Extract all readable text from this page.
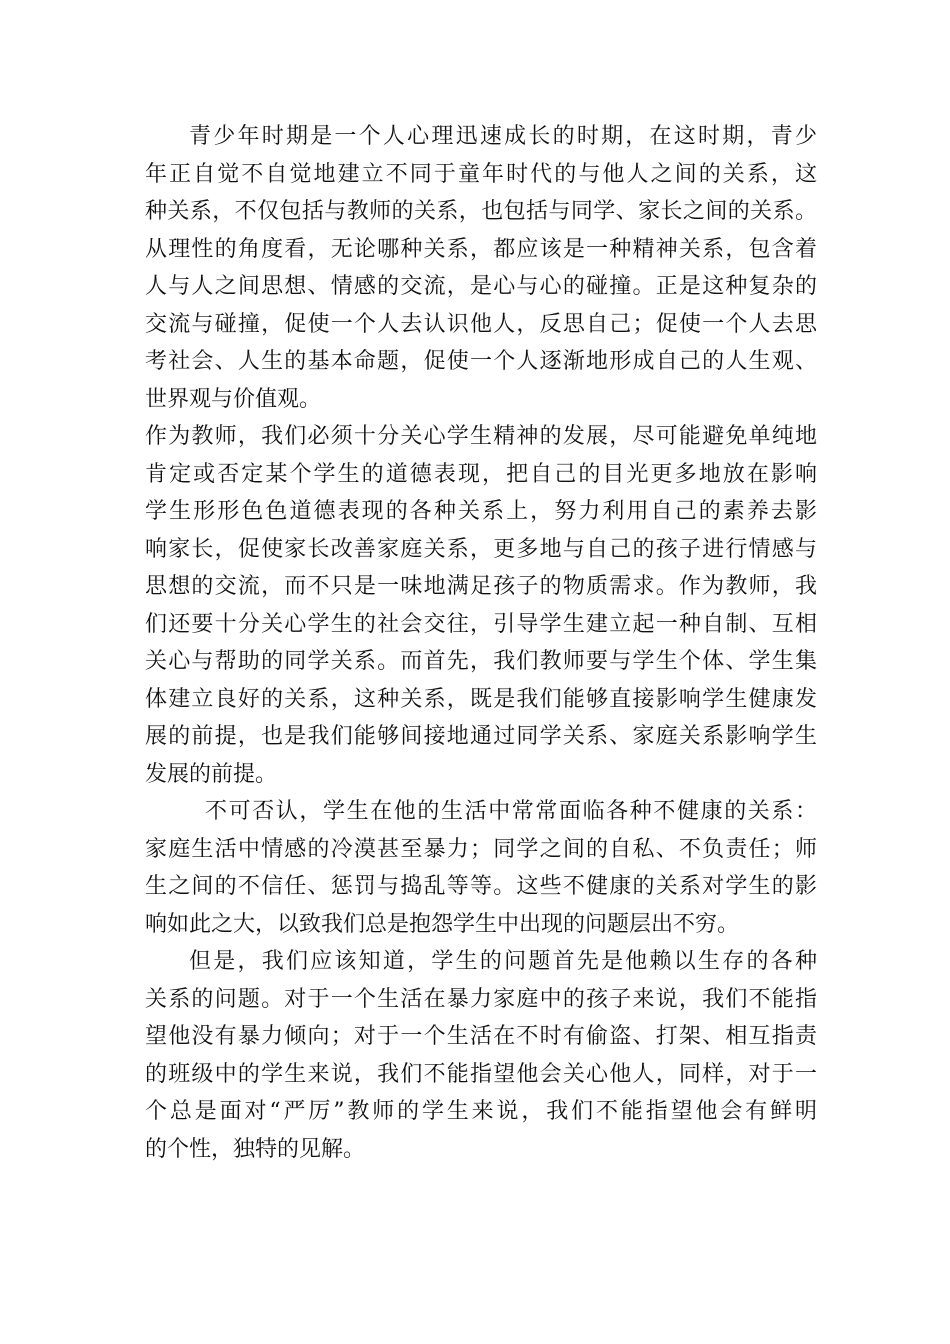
青少年时期是一个人心理迅速成长的时期，在这时期，青少
年正自觉不自觉地建立不同于童年时代的与他人之间的关系，这
种关系，不仅包括与教师的关系，也包括与同学、家长之间的关系。
从理性的角度看，无论哪种关系，都应该是一种精神关系，包含着
人与人之间思想、情感的交流，是心与心的碰撞。正是这种复杂的
交流与碰撞，促使一个人去认识他人，反思自己；促使一个人去思
考社会、人生的基本命题，促使一个人逐渐地形成自己的人生观、
世界观与价值观。
作为教师，我们必须十分关心学生精神的发展，尽可能避免单纯地
肯定或否定某个学生的道德表现，把自己的目光更多地放在影响
学生形形色色道德表现的各种关系上，努力利用自己的素养去影
响家长，促使家长改善家庭关系，更多地与自己的孩子进行情感与
思想的交流，而不只是一味地满足孩子的物质需求。作为教师，我
们还要十分关心学生的社会交往，引导学生建立起一种自制、互相
关心与帮助的同学关系。而首先，我们教师要与学生个体、学生集
体建立良好的关系，这种关系，既是我们能够直接影响学生健康发
展的前提，也是我们能够间接地通过同学关系、家庭关系影响学生
发展的前提。
不可否认，学生在他的生活中常常面临各种不健康的关系：
家庭生活中情感的冷漠甚至暴力；同学之间的自私、不负责任；师
生之间的不信任、惩罚与捣乱等等。这些不健康的关系对学生的影
响如此之大，以致我们总是抱怨学生中出现的问题层出不穷。
但是，我们应该知道，学生的问题首先是他赖以生存的各种
关系的问题。对于一个生活在暴力家庭中的孩子来说，我们不能指
望他没有暴力倾向；对于一个生活在不时有偷盗、打架、相互指责
的班级中的学生来说，我们不能指望他会关心他人，同样，对于一
个总是面对“严厉”教师的学生来说，我们不能指望他会有鲜明
的个性，独特的见解。
